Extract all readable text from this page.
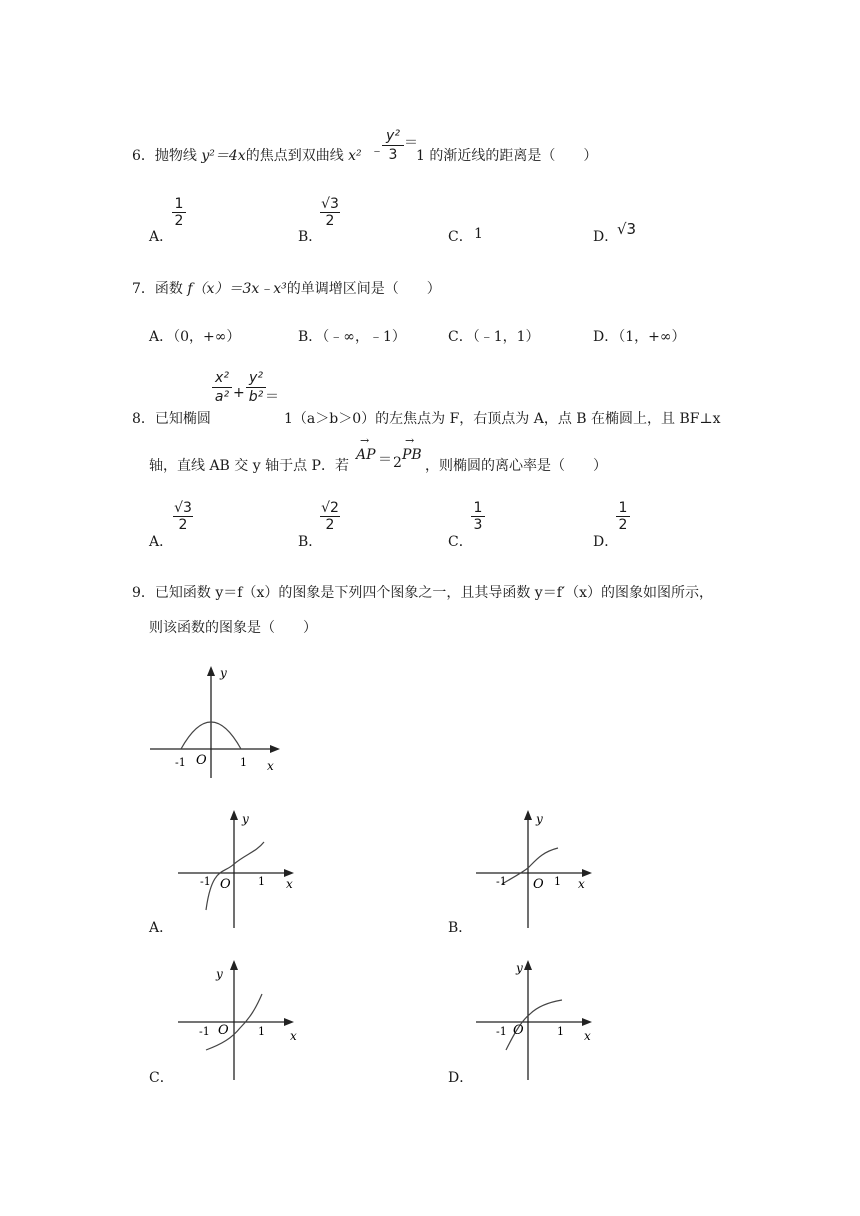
y²
3
﹣ ＝
6．抛物线 y²＝4x的焦点到双曲线 x²	1 的渐近线的距离是（　　）
A．
$\frac{1}{2}$
B．
$\frac{√3}{2}$
C． 1	D．
√3
7．函数 f（x）＝3x﹣x³的单调增区间是（　　）
A．（0，+∞）	B．（﹣∞，﹣1）	C．（﹣1，1）	D．（1，+∞）
x²
a² +
y²
b² ＝
8．已知椭圆	1（a＞b＞0）的左焦点为 F，右顶点为 A，点 B 在椭圆上，且 BF⊥x
轴，直线 AB 交 y 轴于点 P．若
→
AP ＝ 2
→
PB
，则椭圆的离心率是（　　）
A．
$\frac{√3}{2}$
B．
$\frac{√2}{2}$
C．
$\frac{1}{3}$
D．
$\frac{1}{2}$
9．已知函数 y＝f（x）的图象是下列四个图象之一，且其导函数 y＝f′（x）的图象如图所示，
则该函数的图象是（　　）
y
x
O
-1	1
y
x
O
-1	1
A．
y
x
O
-1	1
B．
y
x
O
-1	1
C．
y
x
O
-1	1
D．
